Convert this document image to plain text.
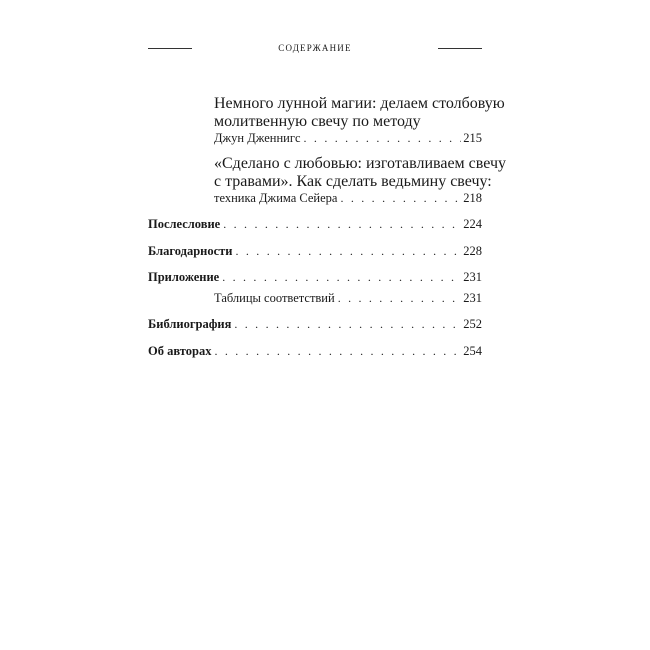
СОДЕРЖАНИЕ
Немного лунной магии: делаем столбовую
молитвенную свечу по методу
Джун Дженнигс . . .	215
«Сделано с любовью: изготавливаем свечу
с травами». Как сделать ведьмину свечу:
техника Джима Сейера . . .	218
Послесловие . . .	224
Благодарности . . .	228
Приложение . . .	231
Таблицы соответствий . . .	231
Библиография . . .	252
Об авторах . . .	254
